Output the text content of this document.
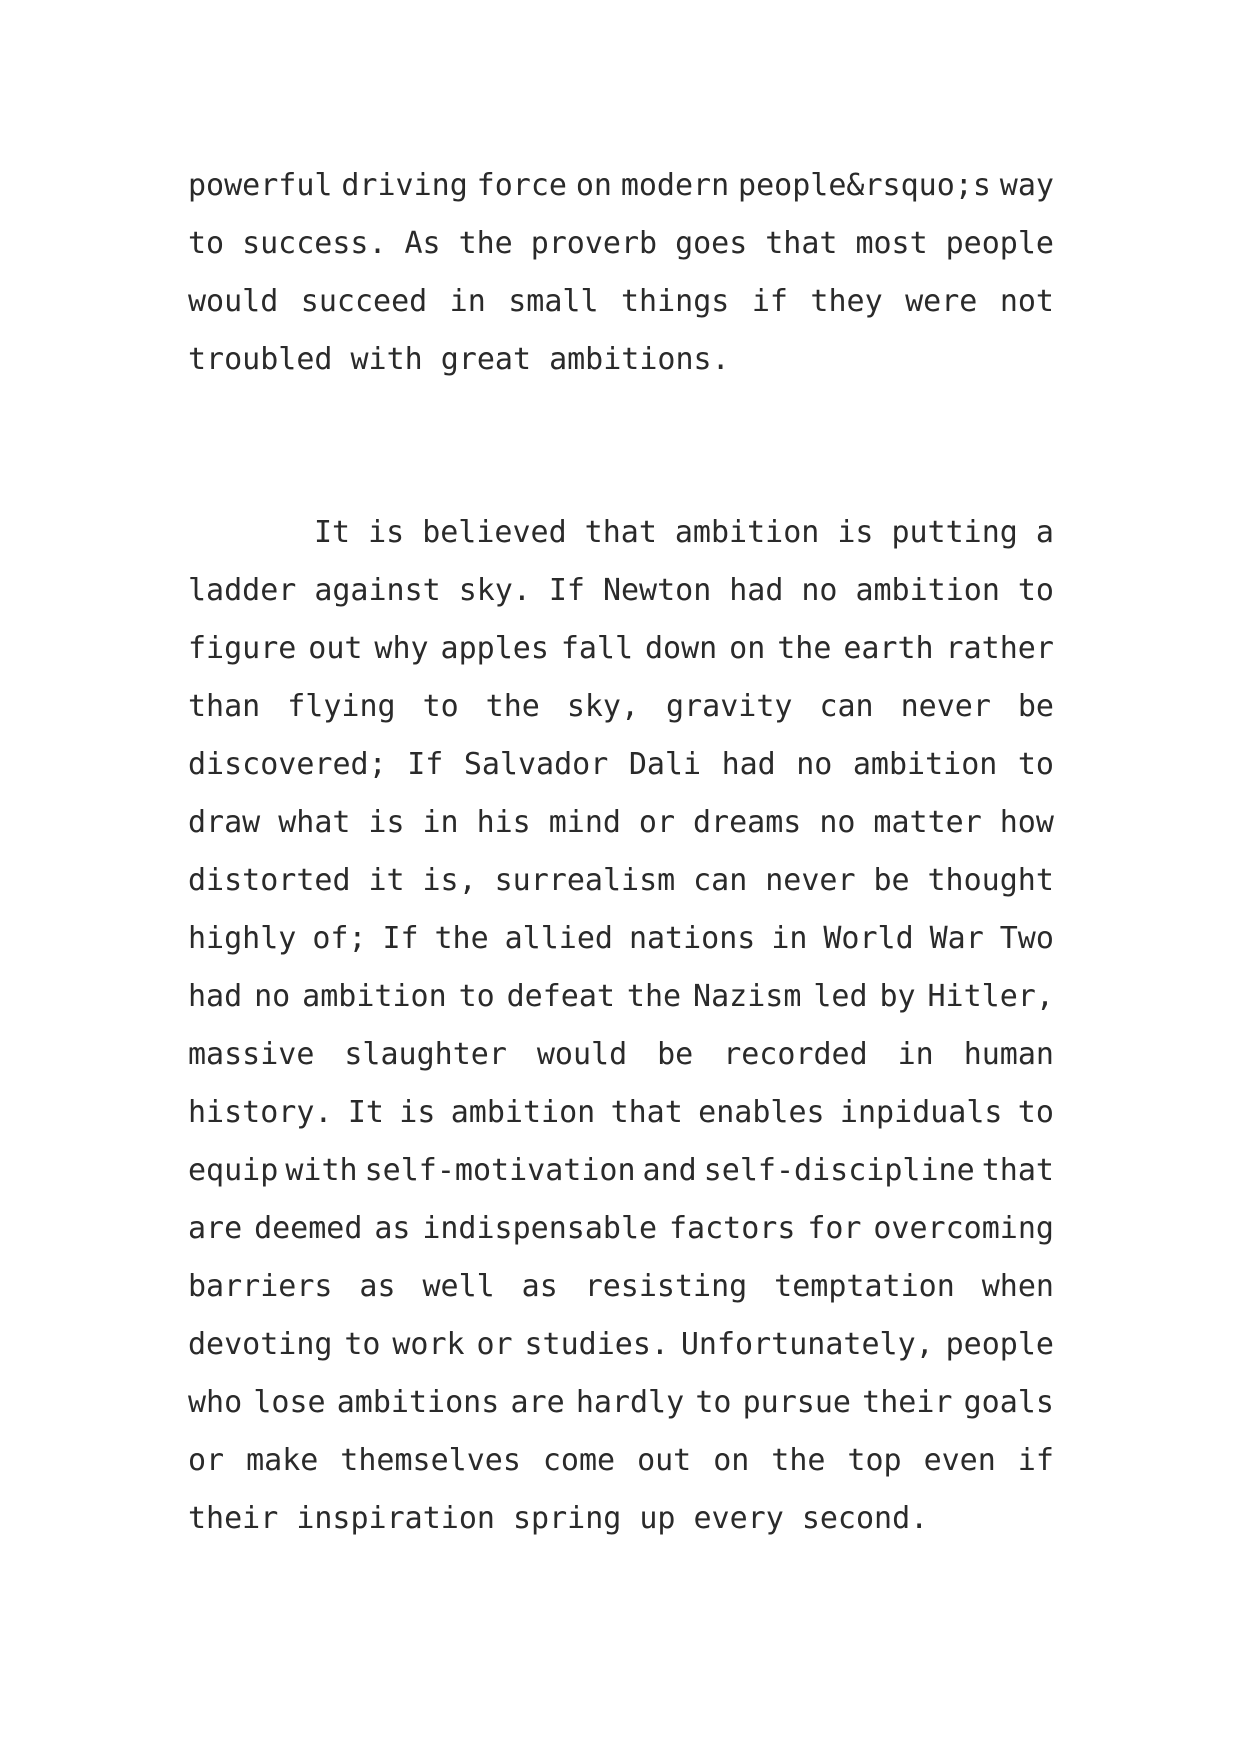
powerful driving force on modern people&rsquo;s way
to success. As the proverb goes that most people
would succeed in small things if they were not
troubled with great ambitions.
It is believed that ambition is putting a
ladder against sky. If Newton had no ambition to
figure out why apples fall down on the earth rather
than flying to the sky, gravity can never be
discovered; If Salvador Dali had no ambition to
draw what is in his mind or dreams no matter how
distorted it is, surrealism can never be thought
highly of; If the allied nations in World War Two
had no ambition to defeat the Nazism led by Hitler,
massive slaughter would be recorded in human
history. It is ambition that enables inpiduals to
equip with self-motivation and self-discipline that
are deemed as indispensable factors for overcoming
barriers as well as resisting temptation when
devoting to work or studies. Unfortunately, people
who lose ambitions are hardly to pursue their goals
or make themselves come out on the top even if
their inspiration spring up every second.
